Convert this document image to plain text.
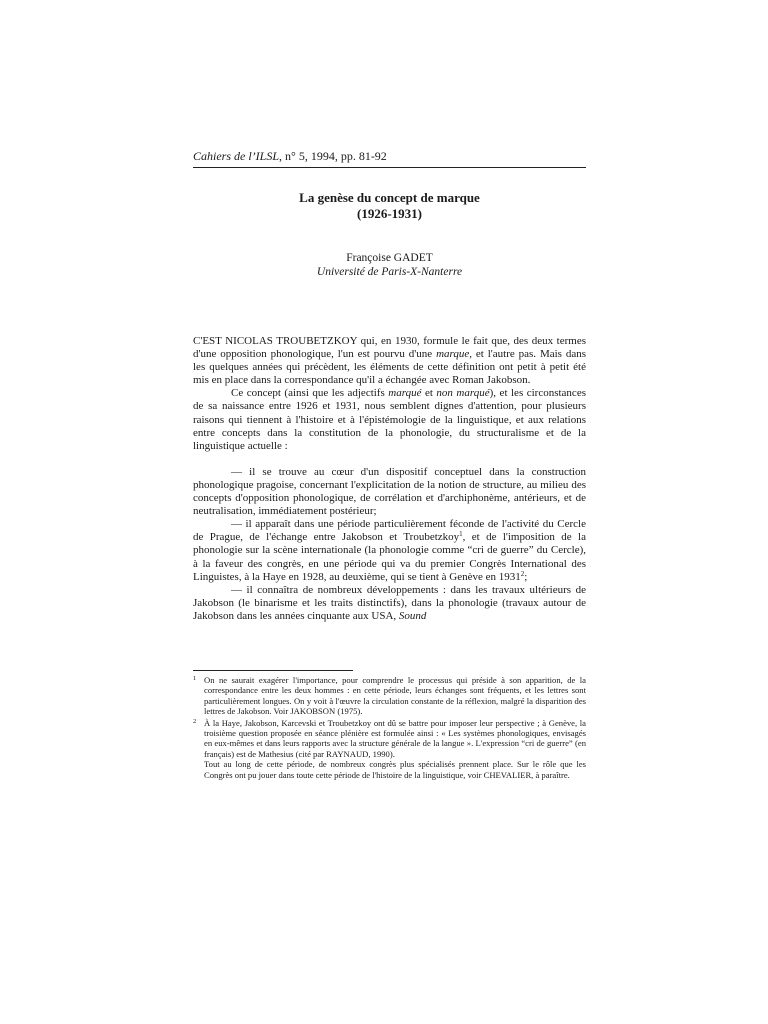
Cahiers de l’ILSL, n° 5, 1994, pp. 81-92
La genèse du concept de marque
(1926-1931)
Françoise GADET
Université de Paris-X-Nanterre

C'EST NICOLAS TROUBETZKOY qui, en 1930, formule le fait que, des deux termes d'une opposition phonologique, l'un est pourvu d'une marque, et l'autre pas. Mais dans les quelques années qui précèdent, les éléments de cette définition ont petit à petit été mis en place dans la correspondance qu'il a échangée avec Roman Jakobson.

Ce concept (ainsi que les adjectifs marqué et non marqué), et les circonstances de sa naissance entre 1926 et 1931, nous semblent dignes d'attention, pour plusieurs raisons qui tiennent à l'histoire et à l'épistémologie de la linguistique, et aux relations entre concepts dans la constitution de la phonologie, du structuralisme et de la linguistique actuelle :

— il se trouve au cœur d'un dispositif conceptuel dans la construction phonologique pragoise, concernant l'explicitation de la notion de structure, au milieu des concepts d'opposition phonologique, de corrélation et d'archiphonème, antérieurs, et de neutralisation, immédiatement postérieur;

— il apparaît dans une période particulièrement féconde de l'activité du Cercle de Prague, de l'échange entre Jakobson et Troubetzkoy$^1$, et de l'imposition de la phonologie sur la scène internationale (la phonologie comme “cri de guerre” du Cercle), à la faveur des congrès, en une période qui va du premier Congrès International des Linguistes, à la Haye en 1928, au deuxième, qui se tient à Genève en 1931$^2$;

— il connaîtra de nombreux développements : dans les travaux ultérieurs de Jakobson (le binarisme et les traits distinctifs), dans la phonologie (travaux autour de Jakobson dans les années cinquante aux USA, Sound

1 On ne saurait exagérer l'importance, pour comprendre le processus qui préside à son apparition, de la correspondance entre les deux hommes : en cette période, leurs échanges sont fréquents, et les lettres sont particulièrement longues. On y voit à l'œuvre la circulation constante de la réflexion, malgré la disparition des lettres de Jakobson. Voir JAKOBSON (1975).

2 À la Haye, Jakobson, Karcevski et Troubetzkoy ont dû se battre pour imposer leur perspective ; à Genève, la troisième question proposée en séance plénière est formulée ainsi : « Les systèmes phonologiques, envisagés en eux-mêmes et dans leurs rapports avec la structure générale de la langue ». L'expression “cri de guerre” (en français) est de Mathesius (cité par RAYNAUD, 1990).

Tout au long de cette période, de nombreux congrès plus spécialisés prennent place. Sur le rôle que les Congrès ont pu jouer dans toute cette période de l'histoire de la linguistique, voir CHEVALIER, à paraître.
